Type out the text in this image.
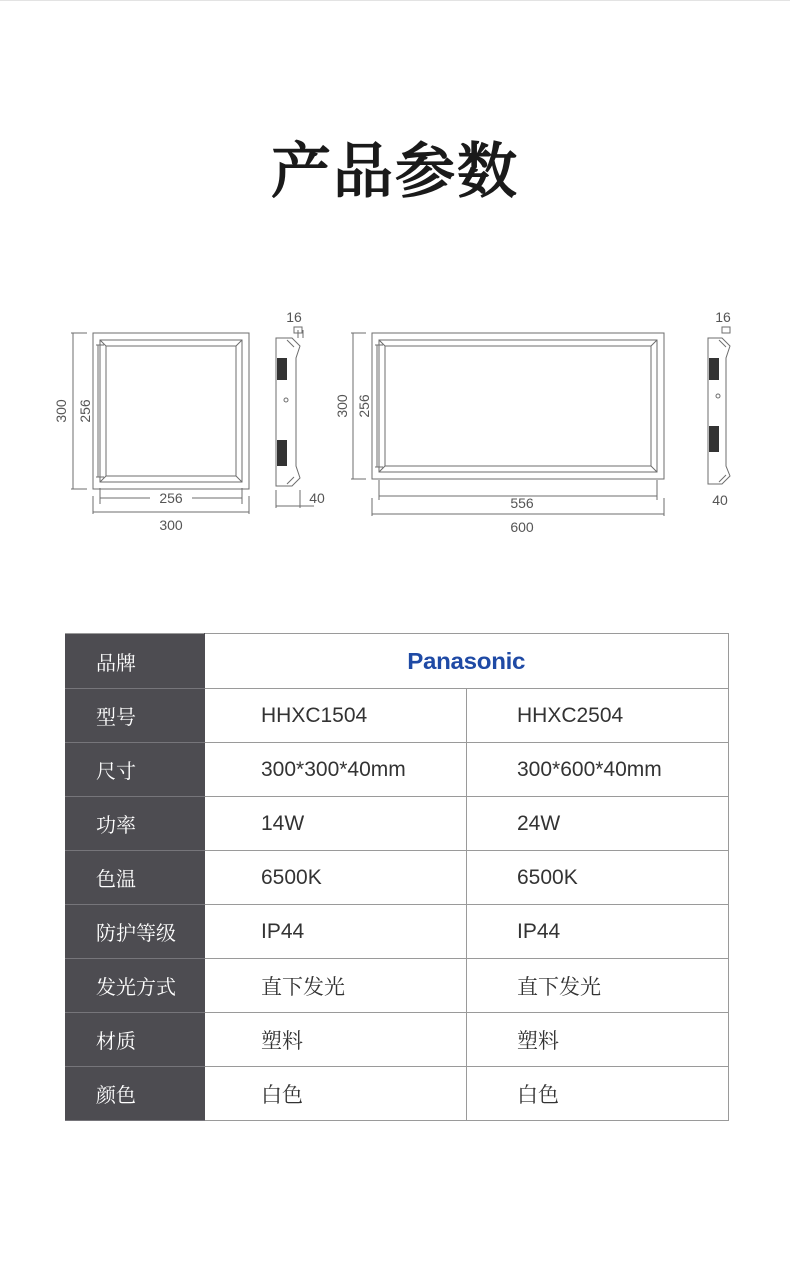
产品参数
300 256
256
300
16
40
300 256
556
600
16
40
品牌	Panasonic	
型号	HHXC1504	HHXC2504
尺寸	300*300*40mm	300*600*40mm
功率	14W	24W
色温	6500K	6500K
防护等级	IP44	IP44
发光方式	直下发光	直下发光
材质	塑料	塑料
颜色	白色	白色
